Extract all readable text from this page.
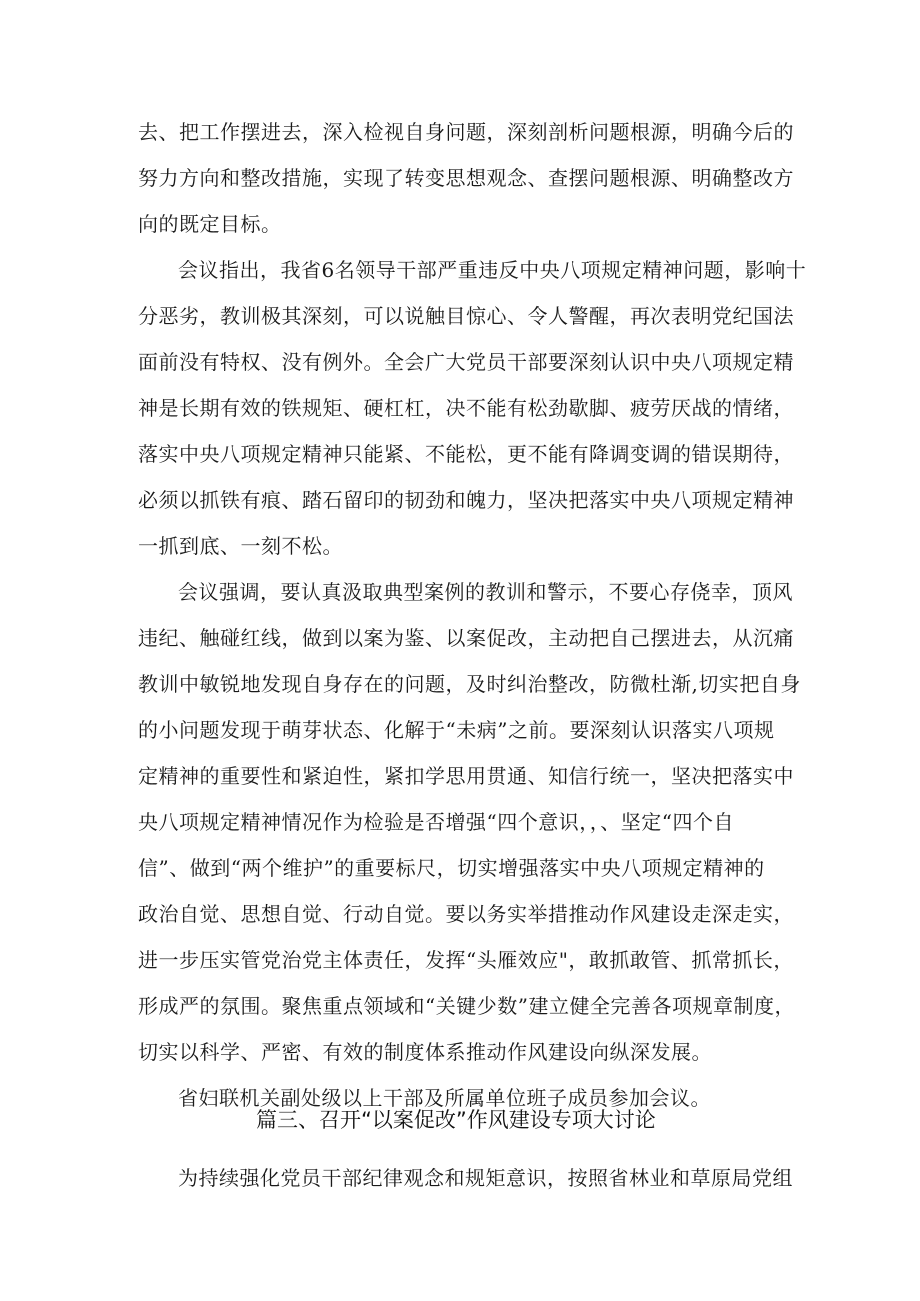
去、把工作摆进去，深入检视自身问题，深刻剖析问题根源，明确今后的
努力方向和整改措施，实现了转变思想观念、查摆问题根源、明确整改方
向的既定目标。
会议指出，我省6名领导干部严重违反中央八项规定精神问题，影响十
分恶劣，教训极其深刻，可以说触目惊心、令人警醒，再次表明党纪国法
面前没有特权、没有例外。全会广大党员干部要深刻认识中央八项规定精
神是长期有效的铁规矩、硬杠杠，决不能有松劲歇脚、疲劳厌战的情绪，
落实中央八项规定精神只能紧、不能松，更不能有降调变调的错误期待，
必须以抓铁有痕、踏石留印的韧劲和魄力，坚决把落实中央八项规定精神
一抓到底、一刻不松。
会议强调，要认真汲取典型案例的教训和警示，不要心存侥幸，顶风
违纪、触碰红线，做到以案为鉴、以案促改，主动把自己摆进去，从沉痛
教训中敏锐地发现自身存在的问题，及时纠治整改，防微杜渐,切实把自身
的小问题发现于萌芽状态、化解于“未病”之前。要深刻认识落实八项规
定精神的重要性和紧迫性，紧扣学思用贯通、知信行统一，坚决把落实中
央八项规定精神情况作为检验是否增强“四个意识，，、坚定“四个自
信”、做到“两个维护”的重要标尺，切实增强落实中央八项规定精神的
政治自觉、思想自觉、行动自觉。要以务实举措推动作风建设走深走实，
进一步压实管党治党主体责任，发挥“头雁效应"，敢抓敢管、抓常抓长，
形成严的氛围。聚焦重点领域和“关键少数”建立健全完善各项规章制度，
切实以科学、严密、有效的制度体系推动作风建设向纵深发展。
省妇联机关副处级以上干部及所属单位班子成员参加会议。
篇三、召开“以案促改”作风建设专项大讨论
为持续强化党员干部纪律观念和规矩意识，按照省林业和草原局党组
